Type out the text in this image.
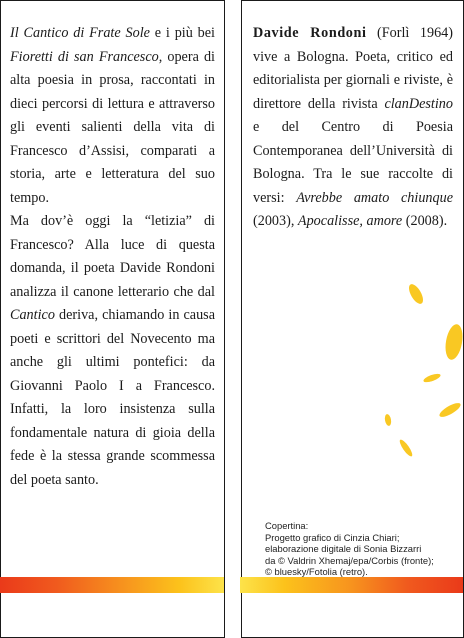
Il Cantico di Frate Sole e i più bei Fioretti di san Francesco, opera di alta poesia in prosa, raccontati in dieci percorsi di lettura e attraverso gli eventi salienti della vita di Francesco d’Assisi, comparati a storia, arte e letteratura del suo tempo.

Ma dov’è oggi la “letizia” di Francesco? Alla luce di questa domanda, il poeta Davide Rondoni analizza il canone letterario che dal Cantico deriva, chiamando in causa poeti e scrittori del Novecento ma anche gli ultimi pontefici: da Giovanni Paolo I a Francesco. Infatti, la loro insistenza sulla fondamentale natura di gioia della fede è la stessa grande scommessa del poeta santo.

Davide Rondoni (Forlì 1964) vive a Bologna. Poeta, critico ed editorialista per giornali e riviste, è direttore della rivista clanDestino e del Centro di Poesia Contemporanea dell’Università di Bologna. Tra le sue raccolte di versi: Avrebbe amato chiunque (2003), Apocalisse, amore (2008).

Copertina:
Progetto grafico di Cinzia Chiari;
elaborazione digitale di Sonia Bizzarri
da © Valdrin Xhemaj/epa/Corbis (fronte);
© bluesky/Fotolia (retro).
